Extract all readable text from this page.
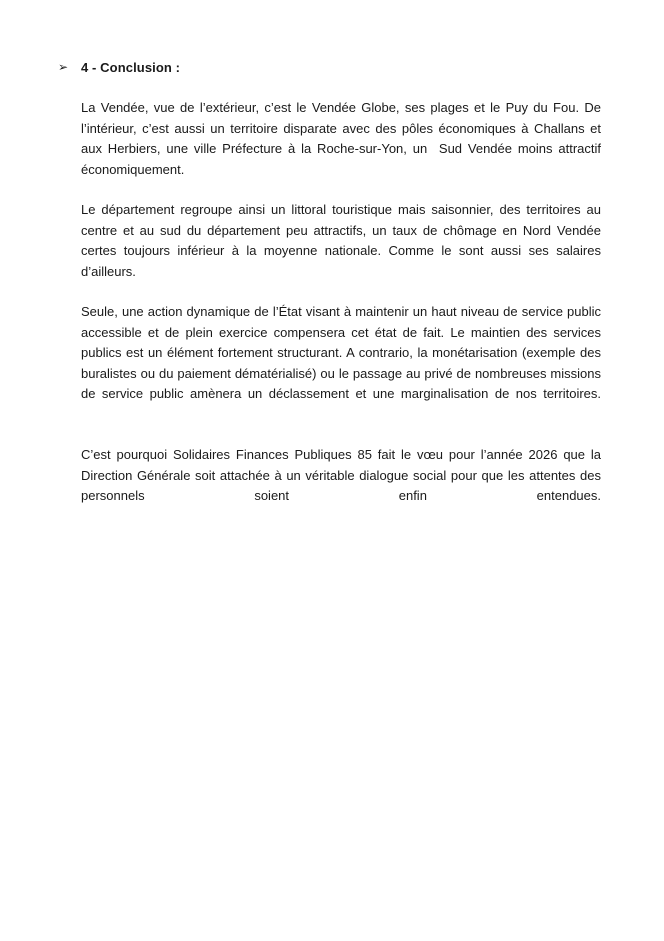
➢ 4 - Conclusion :

La Vendée, vue de l’extérieur, c’est le Vendée Globe, ses plages et le Puy du Fou. De l’intérieur, c’est aussi un territoire disparate avec des pôles économiques à Challans et aux Herbiers, une ville Préfecture à la Roche-sur-Yon, un  Sud Vendée moins attractif économiquement.

Le département regroupe ainsi un littoral touristique mais saisonnier, des territoires au centre et au sud du département peu attractifs, un taux de chômage en Nord Vendée certes toujours inférieur à la moyenne nationale. Comme le sont aussi ses salaires d’ailleurs.

Seule, une action dynamique de l’État visant à maintenir un haut niveau de service public accessible et de plein exercice compensera cet état de fait. Le maintien des services publics est un élément fortement structurant. A contrario, la monétarisation (exemple des buralistes ou du paiement dématérialisé) ou le passage au privé de nombreuses missions de service public amènera un déclassement et une marginalisation de nos territoires.

C’est pourquoi Solidaires Finances Publiques 85 fait le vœu pour l’année 2026 que la Direction Générale soit attachée à un véritable dialogue social pour que les attentes des personnels soient enfin entendues.
